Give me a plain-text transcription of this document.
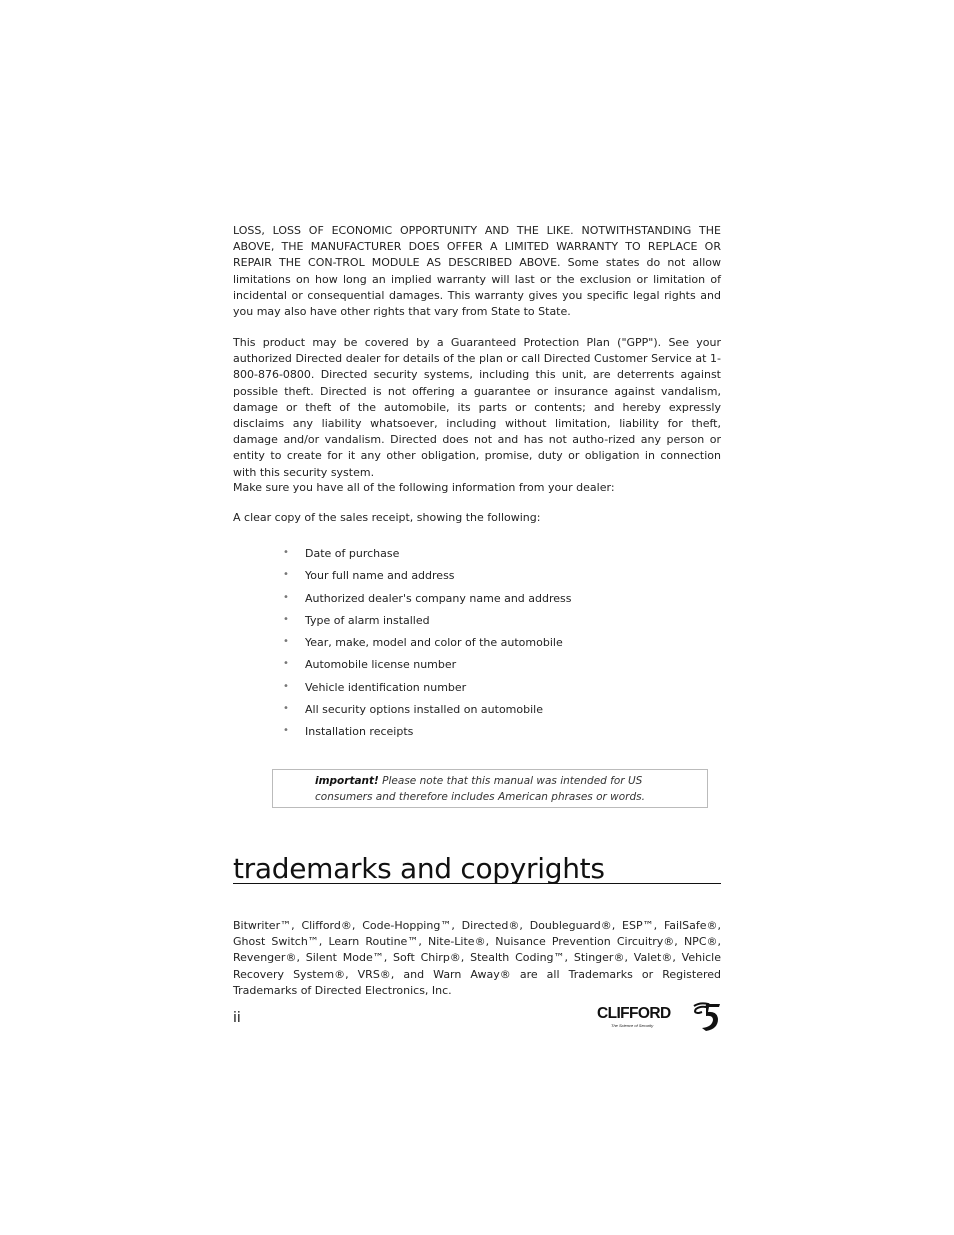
LOSS, LOSS OF ECONOMIC OPPORTUNITY AND THE LIKE. NOTWITHSTANDING THE ABOVE, THE MANUFACTURER DOES OFFER A LIMITED WARRANTY TO REPLACE OR REPAIR THE CON-TROL MODULE AS DESCRIBED ABOVE. Some states do not allow limitations on how long an implied warranty will last or the exclusion or limitation of incidental or consequential damages. This warranty gives you specific legal rights and you may also have other rights that vary from State to State.

This product may be covered by a Guaranteed Protection Plan ("GPP"). See your authorized Directed dealer for details of the plan or call Directed Customer Service at 1-800-876-0800. Directed security systems, including this unit, are deterrents against possible theft. Directed is not offering a guarantee or insurance against vandalism, damage or theft of the automobile, its parts or contents; and hereby expressly disclaims any liability whatsoever, including without limitation, liability for theft, damage and/or vandalism. Directed does not and has not autho-rized any person or entity to create for it any other obligation, promise, duty or obligation in connection with this security system.

Make sure you have all of the following information from your dealer:

A clear copy of the sales receipt, showing the following:

• Date of purchase
• Your full name and address
• Authorized dealer's company name and address
• Type of alarm installed
• Year, make, model and color of the automobile
• Automobile license number
• Vehicle identification number
• All security options installed on automobile
• Installation receipts
important! Please note that this manual was intended for US consumers and therefore includes American phrases or words.
trademarks and copyrights

Bitwriter™, Clifford®, Code-Hopping™, Directed®, Doubleguard®, ESP™, FailSafe®, Ghost Switch™, Learn Routine™, Nite-Lite®, Nuisance Prevention Circuitry®, NPC®, Revenger®, Silent Mode™, Soft Chirp®, Stealth Coding™, Stinger®, Valet®, Vehicle Recovery System®, VRS®, and Warn Away® are all Trademarks or Registered Trademarks of Directed Electronics, Inc.

ii	CLIFFORD
The Science of Security
